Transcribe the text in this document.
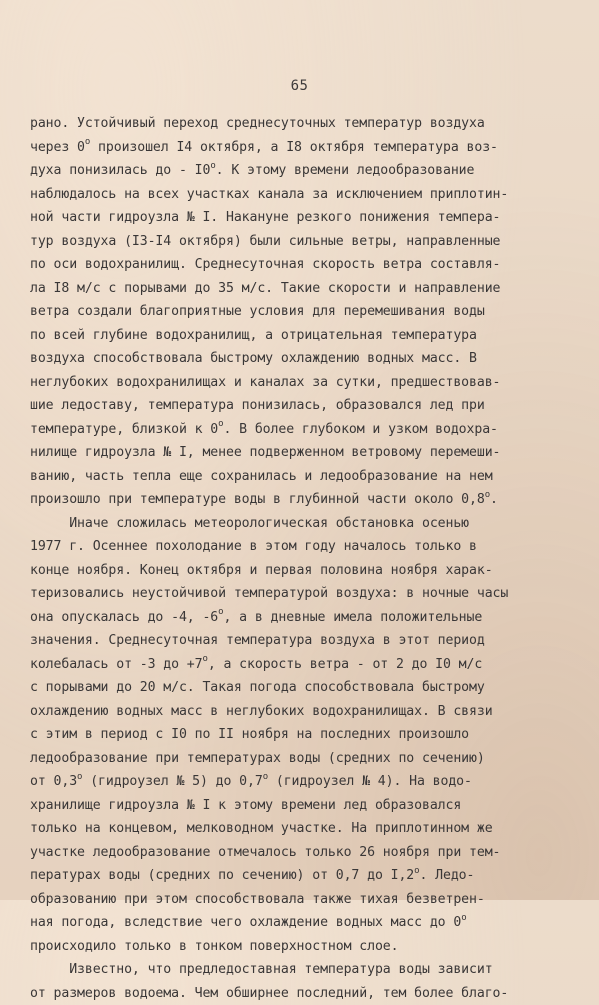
65
рано. Устойчивый переход среднесуточных температур воздуха
через $0^о$ произошел I4 октября, а I8 октября температура воз-
духа понизилась до - $I0^о$. К этому времени ледообразование
наблюдалось на всех участках канала за исключением приплотин-
ной части гидроузла № I. Накануне резкого понижения темпера-
тур воздуха (I3-I4 октября) были сильные ветры, направленные
по оси водохранилищ. Среднесуточная скорость ветра составля-
ла I8 м/с с порывами до 35 м/с. Такие скорости и направление
ветра создали благоприятные условия для перемешивания воды
по всей глубине водохранилищ, а отрицательная температура
воздуха способствовала быстрому охлаждению водных масс. В
неглубоких водохранилищах и каналах за сутки, предшествовав-
шие ледоставу, температура понизилась, образовался лед при
температуре, близкой к $0^о$. В более глубоком и узком водохра-
нилище гидроузла № I, менее подверженном ветровому перемеши-
ванию, часть тепла еще сохранилась и ледообразование на нем
произошло при температуре воды в глубинной части около $0,8^о$.
Иначе сложилась метеорологическая обстановка осенью
1977 г. Осеннее похолодание в этом году началось только в
конце ноября. Конец октября и первая половина ноября харак-
теризовались неустойчивой температурой воздуха: в ночные часы
она опускалась до -4, $-6^о$, а в дневные имела положительные
значения. Среднесуточная температура воздуха в этот период
колебалась от -3 до $+7^о$, а скорость ветра - от 2 до I0 м/с
с порывами до 20 м/с. Такая погода способствовала быстрому
охлаждению водных масс в неглубоких водохранилищах. В связи
с этим в период с I0 по II ноября на последних произошло
ледообразование при температурах воды (средних по сечению)
от $0,3^о$ (гидроузел № 5) до $0,7^о$ (гидроузел № 4). На водо-
хранилище гидроузла № I к этому времени лед образовался
только на концевом, мелководном участке. На приплотинном же
участке ледообразование отмечалось только 26 ноября при тем-
пературах воды (средних по сечению) от 0,7 до $I,2^о$. Ледо-
образованию при этом способствовала также тихая безветрен-
ная погода, вследствие чего охлаждение водных масс до $0^о$
происходило только в тонком поверхностном слое.
Известно, что предледоставная температура воды зависит
от размеров водоема. Чем обширнее последний, тем более благо-
